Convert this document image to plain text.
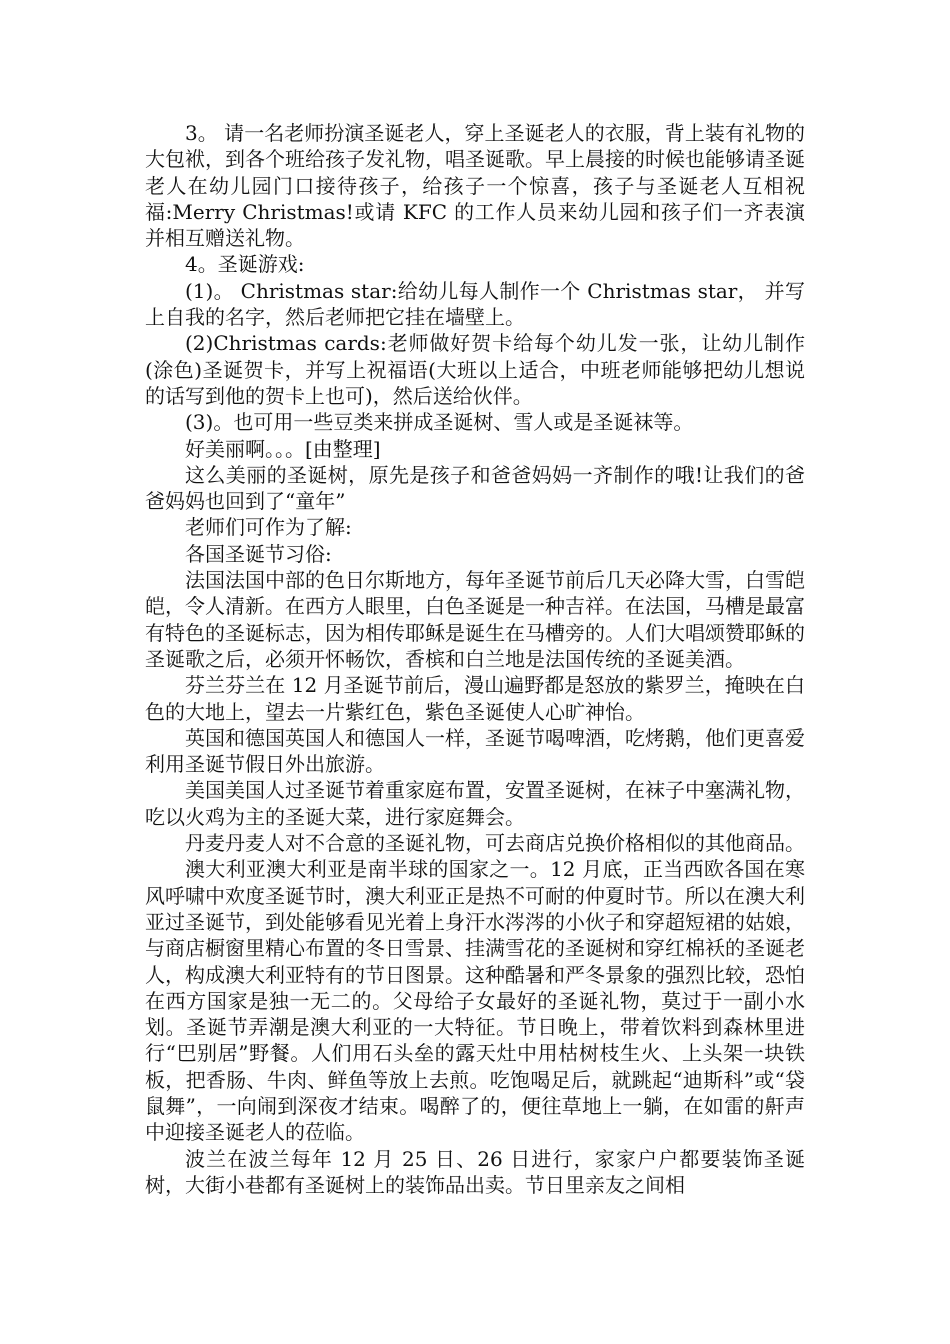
3。 请一名老师扮演圣诞老人，穿上圣诞老人的衣服，背上装有礼物的大包袱，到各个班给孩子发礼物，唱圣诞歌。早上晨接的时候也能够请圣诞老人在幼儿园门口接待孩子，给孩子一个惊喜，孩子与圣诞老人互相祝福:Merry Christmas!或请 KFC 的工作人员来幼儿园和孩子们一齐表演并相互赠送礼物。

4。圣诞游戏:

(1)。 Christmas star:给幼儿每人制作一个 Christmas star， 并写上自我的名字，然后老师把它挂在墙壁上。

(2)Christmas cards:老师做好贺卡给每个幼儿发一张，让幼儿制作(涂色)圣诞贺卡，并写上祝福语(大班以上适合，中班老师能够把幼儿想说的话写到他的贺卡上也可)，然后送给伙伴。

(3)。也可用一些豆类来拼成圣诞树、雪人或是圣诞袜等。

好美丽啊。。。[由整理]

这么美丽的圣诞树，原先是孩子和爸爸妈妈一齐制作的哦!让我们的爸爸妈妈也回到了“童年”

老师们可作为了解:

各国圣诞节习俗:

法国法国中部的色日尔斯地方，每年圣诞节前后几天必降大雪，白雪皑皑，令人清新。在西方人眼里，白色圣诞是一种吉祥。在法国，马槽是最富有特色的圣诞标志，因为相传耶稣是诞生在马槽旁的。人们大唱颂赞耶稣的圣诞歌之后，必须开怀畅饮，香槟和白兰地是法国传统的圣诞美酒。

芬兰芬兰在 12 月圣诞节前后，漫山遍野都是怒放的紫罗兰，掩映在白色的大地上，望去一片紫红色，紫色圣诞使人心旷神怡。

英国和德国英国人和德国人一样，圣诞节喝啤酒，吃烤鹅，他们更喜爱利用圣诞节假日外出旅游。

美国美国人过圣诞节着重家庭布置，安置圣诞树，在袜子中塞满礼物，吃以火鸡为主的圣诞大菜，进行家庭舞会。

丹麦丹麦人对不合意的圣诞礼物，可去商店兑换价格相似的其他商品。

澳大利亚澳大利亚是南半球的国家之一。12 月底，正当西欧各国在寒风呼啸中欢度圣诞节时，澳大利亚正是热不可耐的仲夏时节。所以在澳大利亚过圣诞节，到处能够看见光着上身汗水涔涔的小伙子和穿超短裙的姑娘，与商店橱窗里精心布置的冬日雪景、挂满雪花的圣诞树和穿红棉袄的圣诞老人，构成澳大利亚特有的节日图景。这种酷暑和严冬景象的强烈比较，恐怕在西方国家是独一无二的。父母给子女最好的圣诞礼物，莫过于一副小水划。圣诞节弄潮是澳大利亚的一大特征。节日晚上，带着饮料到森林里进行“巴别居”野餐。人们用石头垒的露天灶中用枯树枝生火、上头架一块铁板，把香肠、牛肉、鲜鱼等放上去煎。吃饱喝足后，就跳起“迪斯科”或“袋鼠舞”，一向闹到深夜才结束。喝醉了的，便往草地上一躺，在如雷的鼾声中迎接圣诞老人的莅临。

波兰在波兰每年 12 月 25 日、26 日进行，家家户户都要装饰圣诞树，大街小巷都有圣诞树上的装饰品出卖。节日里亲友之间相
